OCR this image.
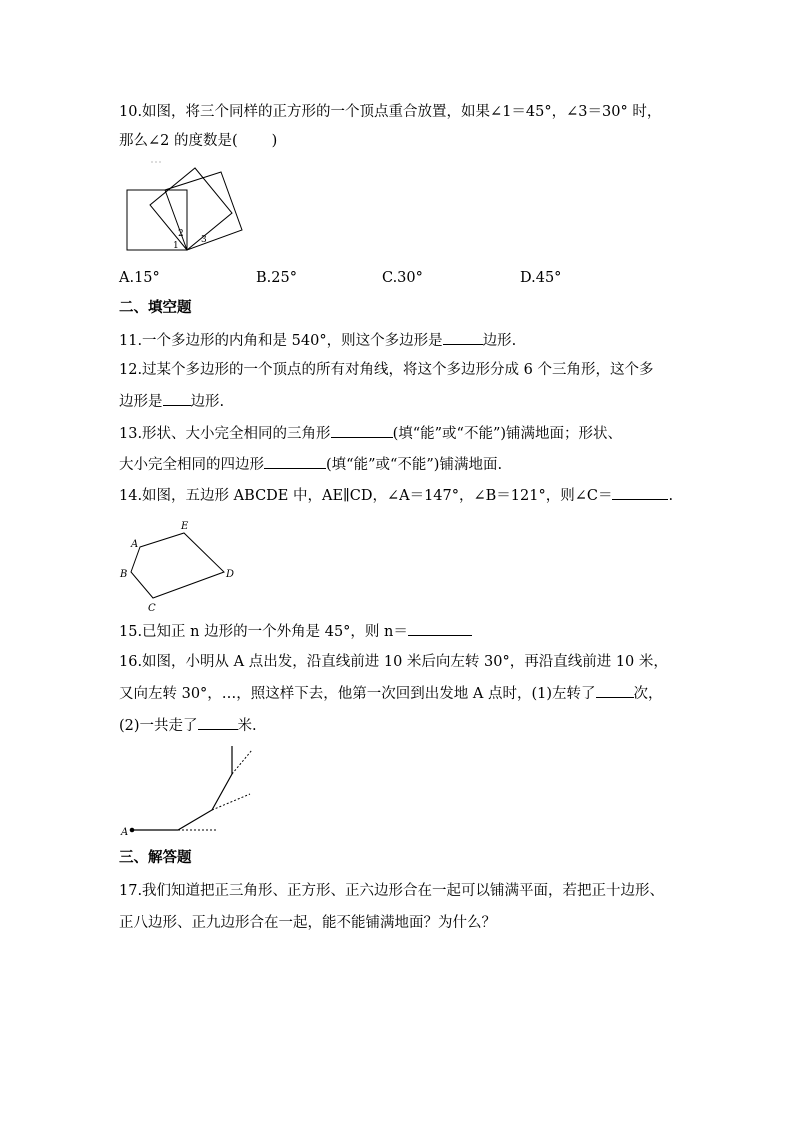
10.如图，将三个同样的正方形的一个顶点重合放置，如果∠1＝45°，∠3＝30° 时，
那么∠2 的度数是( )
2
1
3
A.15°	B.25°	C.30°	D.45°
二、填空题
11.一个多边形的内角和是 540°，则这个多边形是	边形.
12.过某个多边形的一个顶点的所有对角线，将这个多边形分成 6 个三角形，这个多
边形是 边形.
13.形状、大小完全相同的三角形	(填“能”或“不能”)铺满地面；形状、
大小完全相同的四边形	(填“能”或“不能”)铺满地面.
14.如图，五边形 ABCDE 中，AE∥CD，∠A＝147°，∠B＝121°，则∠C＝	.
A
E
D
C
B
15.已知正 n 边形的一个外角是 45°，则 n＝
16.如图，小明从 A 点出发，沿直线前进 10 米后向左转 30°，再沿直线前进 10 米，
又向左转 30°，…，照这样下去，他第一次回到出发地 A 点时，(1)左转了	次，
(2)一共走了	米.
A
三、解答题
17.我们知道把正三角形、正方形、正六边形合在一起可以铺满平面，若把正十边形、
正八边形、正九边形合在一起，能不能铺满地面？为什么？
